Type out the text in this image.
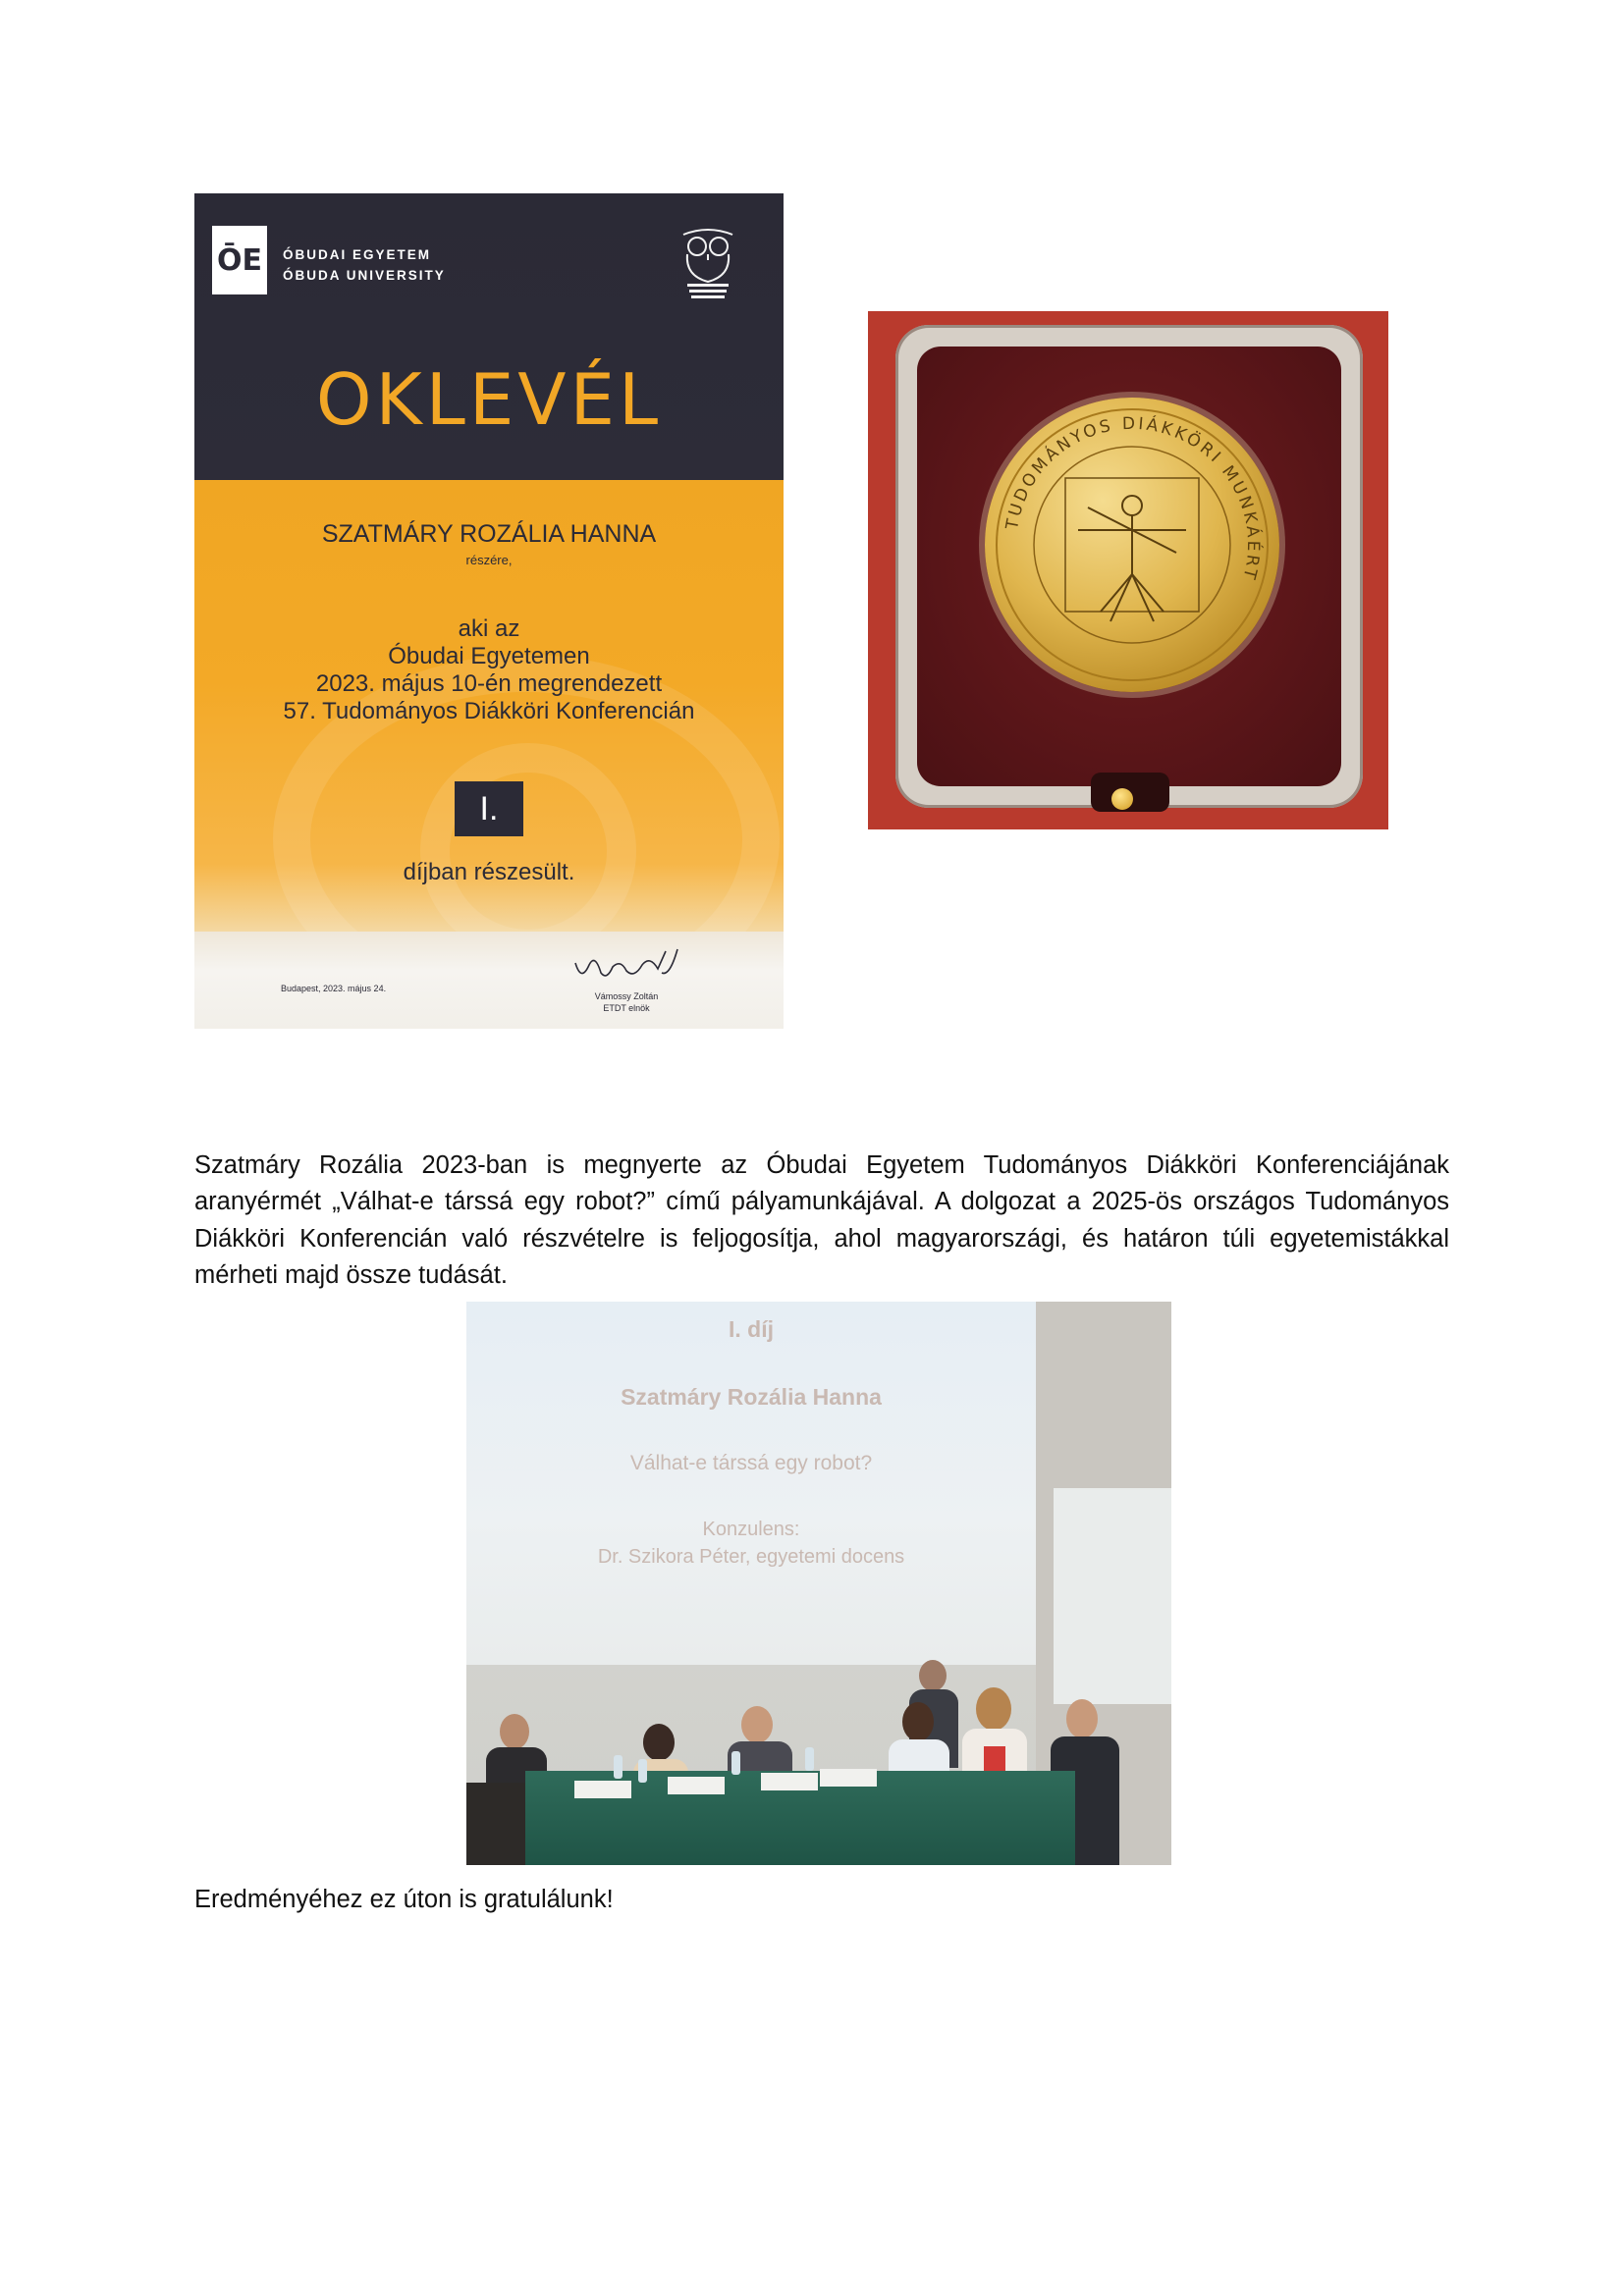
ŌE	ÓBUDAI EGYETEM
ÓBUDA UNIVERSITY
OKLEVÉL
SZATMÁRY ROZÁLIA HANNA
részére,
aki az
Óbudai Egyetemen
2023. május 10-én megrendezett
57. Tudományos Diákköri Konferencián
I.
díjban részesült.
Budapest, 2023. május 24.
Vámossy Zoltán
ETDT elnök
TUDOMÁNYOS DIÁKKÖRI MUNKÁÉRT

Szatmáry Rozália 2023-ban is megnyerte az Óbudai Egyetem Tudományos Diákköri Konferenciájának aranyérmét „Válhat-e társsá egy robot?” című pályamunkájával. A dolgozat a 2025-ös országos Tudományos Diákköri Konferencián való részvételre is feljogosítja, ahol magyarországi, és határon túli egyetemistákkal mérheti majd össze tudását.

I. díj
Szatmáry Rozália Hanna
Válhat-e társsá egy robot?
Konzulens:
Dr. Szikora Péter, egyetemi docens
Eredményéhez ez úton is gratulálunk!
